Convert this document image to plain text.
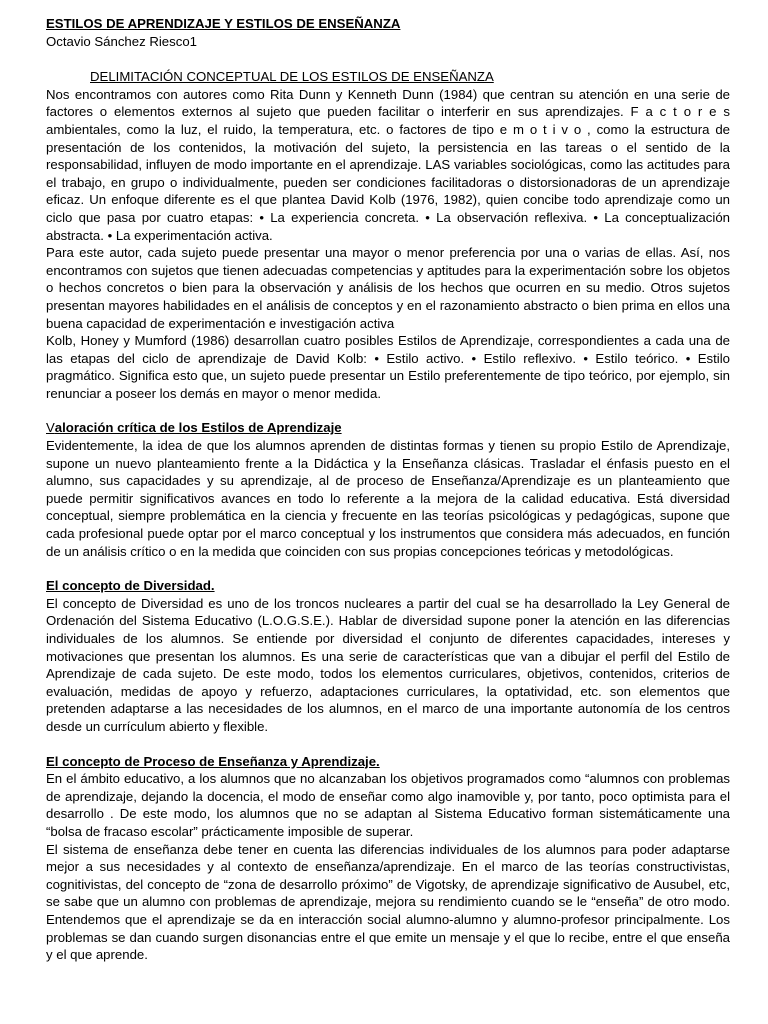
ESTILOS DE APRENDIZAJE Y ESTILOS DE ENSEÑANZA

Octavio Sánchez Riesco1

DELIMITACIÓN CONCEPTUAL DE LOS ESTILOS DE ENSEÑANZA

Nos encontramos con autores como Rita Dunn y Kenneth Dunn (1984) que centran su atención en una serie de factores o elementos externos al sujeto que pueden facilitar o interferir en sus aprendizajes. F a c t o r e s ambientales, como la luz, el ruido, la temperatura, etc. o factores de tipo e m o t i v o , como la estructura de presentación de los contenidos, la motivación del sujeto, la persistencia en las tareas o el sentido de la responsabilidad, influyen de modo importante en el aprendizaje. LAS variables sociológicas, como las actitudes para el trabajo, en grupo o individualmente, pueden ser condiciones facilitadoras o distorsionadoras de un aprendizaje eficaz. Un enfoque diferente es el que plantea David Kolb (1976, 1982), quien concibe todo aprendizaje como un ciclo que pasa por cuatro etapas: • La experiencia concreta. • La observación reflexiva. • La conceptualización abstracta. • La experimentación activa.

Para este autor, cada sujeto puede presentar una mayor o menor preferencia por una o varias de ellas. Así, nos encontramos con sujetos que tienen adecuadas competencias y aptitudes para la experimentación sobre los objetos o hechos concretos o bien para la observación y análisis de los hechos que ocurren en su medio. Otros sujetos presentan mayores habilidades en el análisis de conceptos y en el razonamiento abstracto o bien prima en ellos una buena capacidad de experimentación e investigación activa

Kolb, Honey y Mumford (1986) desarrollan cuatro posibles Estilos de Aprendizaje, correspondientes a cada una de las etapas del ciclo de aprendizaje de David Kolb: • Estilo activo. • Estilo reflexivo. • Estilo teórico. • Estilo pragmático. Significa esto que, un sujeto puede presentar un Estilo preferentemente de tipo teórico, por ejemplo, sin renunciar a poseer los demás en mayor o menor medida.

Valoración crítica de los Estilos de Aprendizaje

Evidentemente, la idea de que los alumnos aprenden de distintas formas y tienen su propio Estilo de Aprendizaje, supone un nuevo planteamiento frente a la Didáctica y la Enseñanza clásicas. Trasladar el énfasis puesto en el alumno, sus capacidades y su aprendizaje, al de proceso de Enseñanza/Aprendizaje es un planteamiento que puede permitir significativos avances en todo lo referente a la mejora de la calidad educativa. Está diversidad conceptual, siempre problemática en la ciencia y frecuente en las teorías psicológicas y pedagógicas, supone que cada profesional puede optar por el marco conceptual y los instrumentos que considera más adecuados, en función de un análisis crítico o en la medida que coinciden con sus propias concepciones teóricas y metodológicas.

El concepto de Diversidad.

El concepto de Diversidad es uno de los troncos nucleares a partir del cual se ha desarrollado la Ley General de Ordenación del Sistema Educativo (L.O.G.S.E.). Hablar de diversidad supone poner la atención en las diferencias individuales de los alumnos. Se entiende por diversidad el conjunto de diferentes capacidades, intereses y motivaciones que presentan los alumnos. Es una serie de características que van a dibujar el perfil del Estilo de Aprendizaje de cada sujeto. De este modo, todos los elementos curriculares, objetivos, contenidos, criterios de evaluación, medidas de apoyo y refuerzo, adaptaciones curriculares, la optatividad, etc. son elementos que pretenden adaptarse a las necesidades de los alumnos, en el marco de una importante autonomía de los centros desde un currículum abierto y flexible.

El concepto de Proceso de Enseñanza y Aprendizaje.

En el ámbito educativo, a los alumnos que no alcanzaban los objetivos programados como “alumnos con problemas de aprendizaje, dejando la docencia, el modo de enseñar como algo inamovible y, por tanto, poco optimista para el desarrollo . De este modo, los alumnos que no se adaptan al Sistema Educativo forman sistemáticamente una “bolsa de fracaso escolar” prácticamente imposible de superar.

El sistema de enseñanza debe tener en cuenta las diferencias individuales de los alumnos para poder adaptarse mejor a sus necesidades y al contexto de enseñanza/aprendizaje. En el marco de las teorías constructivistas, cognitivistas, del concepto de “zona de desarrollo próximo” de Vigotsky, de aprendizaje significativo de Ausubel, etc, se sabe que un alumno con problemas de aprendizaje, mejora su rendimiento cuando se le “enseña” de otro modo. Entendemos que el aprendizaje se da en interacción social alumno-alumno y alumno-profesor principalmente. Los problemas se dan cuando surgen disonancias entre el que emite un mensaje y el que lo recibe, entre el que enseña y el que aprende.
